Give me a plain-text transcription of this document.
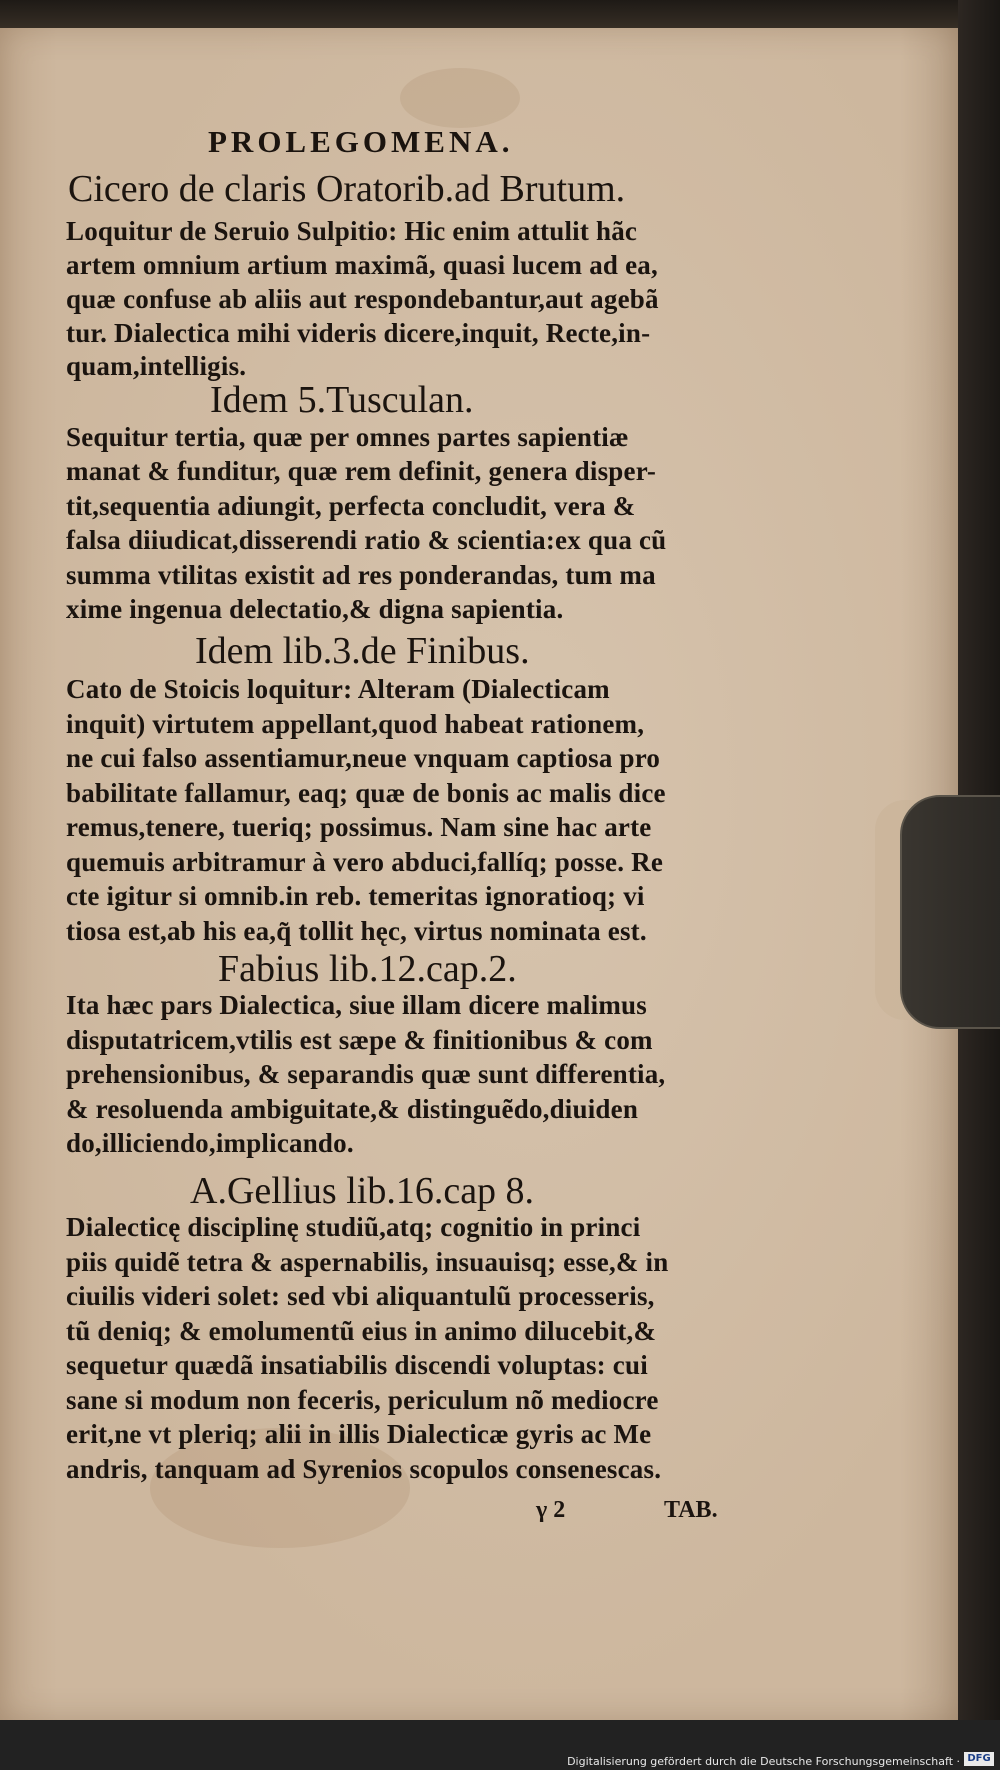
PROLEGOMENA.
Cicero de claris Oratorib.ad Brutum.
Loquitur de Seruio Sulpitio: Hic enim attulit hãc
artem omnium artium maximã, quasi lucem ad ea,
quæ confuse ab aliis aut respondebantur,aut agebã
tur. Dialectica mihi videris dicere,inquit, Recte,in-
quam,intelligis.
Idem 5.Tusculan.
Sequitur tertia, quæ per omnes partes sapientiæ
manat & funditur, quæ rem definit, genera disper-
tit,sequentia adiungit, perfecta concludit, vera &
falsa diiudicat,disserendi ratio & scientia:ex qua cũ
summa vtilitas existit ad res ponderandas, tum ma
xime ingenua delectatio,& digna sapientia.
Idem lib.3.de Finibus.
Cato de Stoicis loquitur: Alteram (Dialecticam
inquit) virtutem appellant,quod habeat rationem,
ne cui falso assentiamur,neue vnquam captiosa pro
babilitate fallamur, eaq; quæ de bonis ac malis dice
remus,tenere, tueriq; possimus. Nam sine hac arte
quemuis arbitramur à vero abduci,fallíq; posse. Re
cte igitur si omnib.in reb. temeritas ignoratioq; vi
tiosa est,ab his ea,q̃ tollit hęc, virtus nominata est.
Fabius lib.12.cap.2.
Ita hæc pars Dialectica, siue illam dicere malimus
disputatricem,vtilis est sæpe & finitionibus & com
prehensionibus, & separandis quæ sunt differentia,
& resoluenda ambiguitate,& distinguẽdo,diuiden
do,illiciendo,implicando.
A.Gellius lib.16.cap 8.
Dialecticę disciplinę studiũ,atq; cognitio in princi
piis quidẽ tetra & aspernabilis, insuauisq; esse,& in
ciuilis videri solet: sed vbi aliquantulũ processeris,
tũ deniq; & emolumentũ eius in animo dilucebit,&
sequetur quædã insatiabilis discendi voluptas: cui
sane si modum non feceris, periculum nõ mediocre
erit,ne vt pleriq; alii in illis Dialecticæ gyris ac Me
andris, tanquam ad Syrenios scopulos consenescas.
γ 2	TAB.
Digitalisierung gefördert durch die Deutsche Forschungsgemeinschaft · DFG
